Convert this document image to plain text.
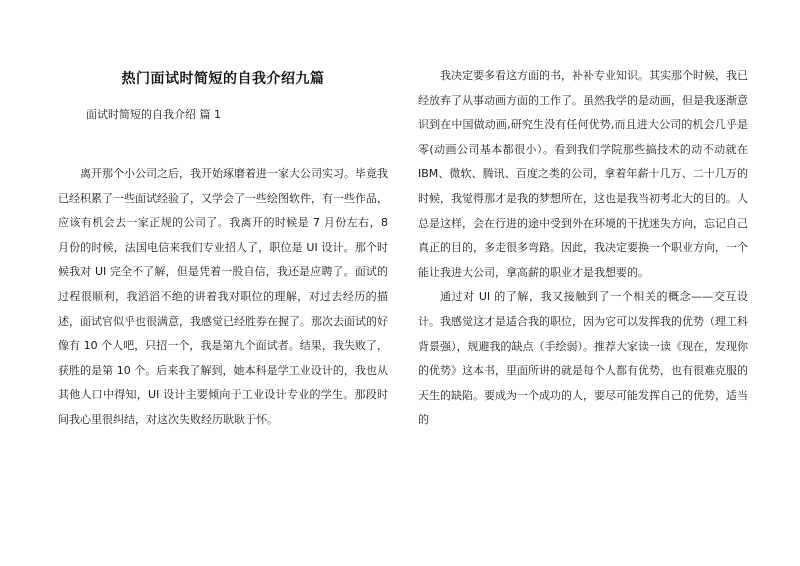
热门面试时简短的自我介绍九篇
面试时简短的自我介绍 篇 1

离开那个小公司之后，我开始琢磨着进一家大公司实习。毕竟我已经积累了一些面试经验了，又学会了一些绘图软件，有一些作品，应该有机会去一家正规的公司了。我离开的时候是 7 月份左右，8 月份的时候，法国电信来我们专业招人了，职位是 UI 设计。那个时候我对 UI 完全不了解，但是凭着一股自信，我还是应聘了。面试的过程很顺利，我滔滔不绝的讲着我对职位的理解，对过去经历的描述，面试官似乎也很满意，我感觉已经胜券在握了。那次去面试的好像有 10 个人吧，只招一个，我是第九个面试者。结果，我失败了，获胜的是第 10 个。后来我了解到，她本科是学工业设计的，我也从其他人口中得知，UI 设计主要倾向于工业设计专业的学生。那段时间我心里很纠结，对这次失败经历耿耿于怀。

我决定要多看这方面的书，补补专业知识。其实那个时候，我已经放弃了从事动画方面的工作了。虽然我学的是动画，但是我逐渐意识到在中国做动画,研究生没有任何优势,而且进大公司的机会几乎是零(动画公司基本都很小）。看到我们学院那些搞技术的动不动就在 IBM、微软、腾讯、百度之类的公司，拿着年薪十几万、二十几万的时候，我觉得那才是我的梦想所在，这也是我当初考北大的目的。人总是这样，会在行进的途中受到外在环境的干扰迷失方向，忘记自己真正的目的，多走很多弯路。因此，我决定要换一个职业方向，一个能让我进大公司，拿高薪的职业才是我想要的。

通过对 UI 的了解，我又接触到了一个相关的概念——交互设计。我感觉这才是适合我的职位，因为它可以发挥我的优势（理工科背景强），规避我的缺点（手绘弱）。推荐大家读一读《现在，发现你的优势》这本书，里面所讲的就是每个人都有优势，也有很难克服的天生的缺陷。要成为一个成功的人，要尽可能发挥自己的优势，适当的
